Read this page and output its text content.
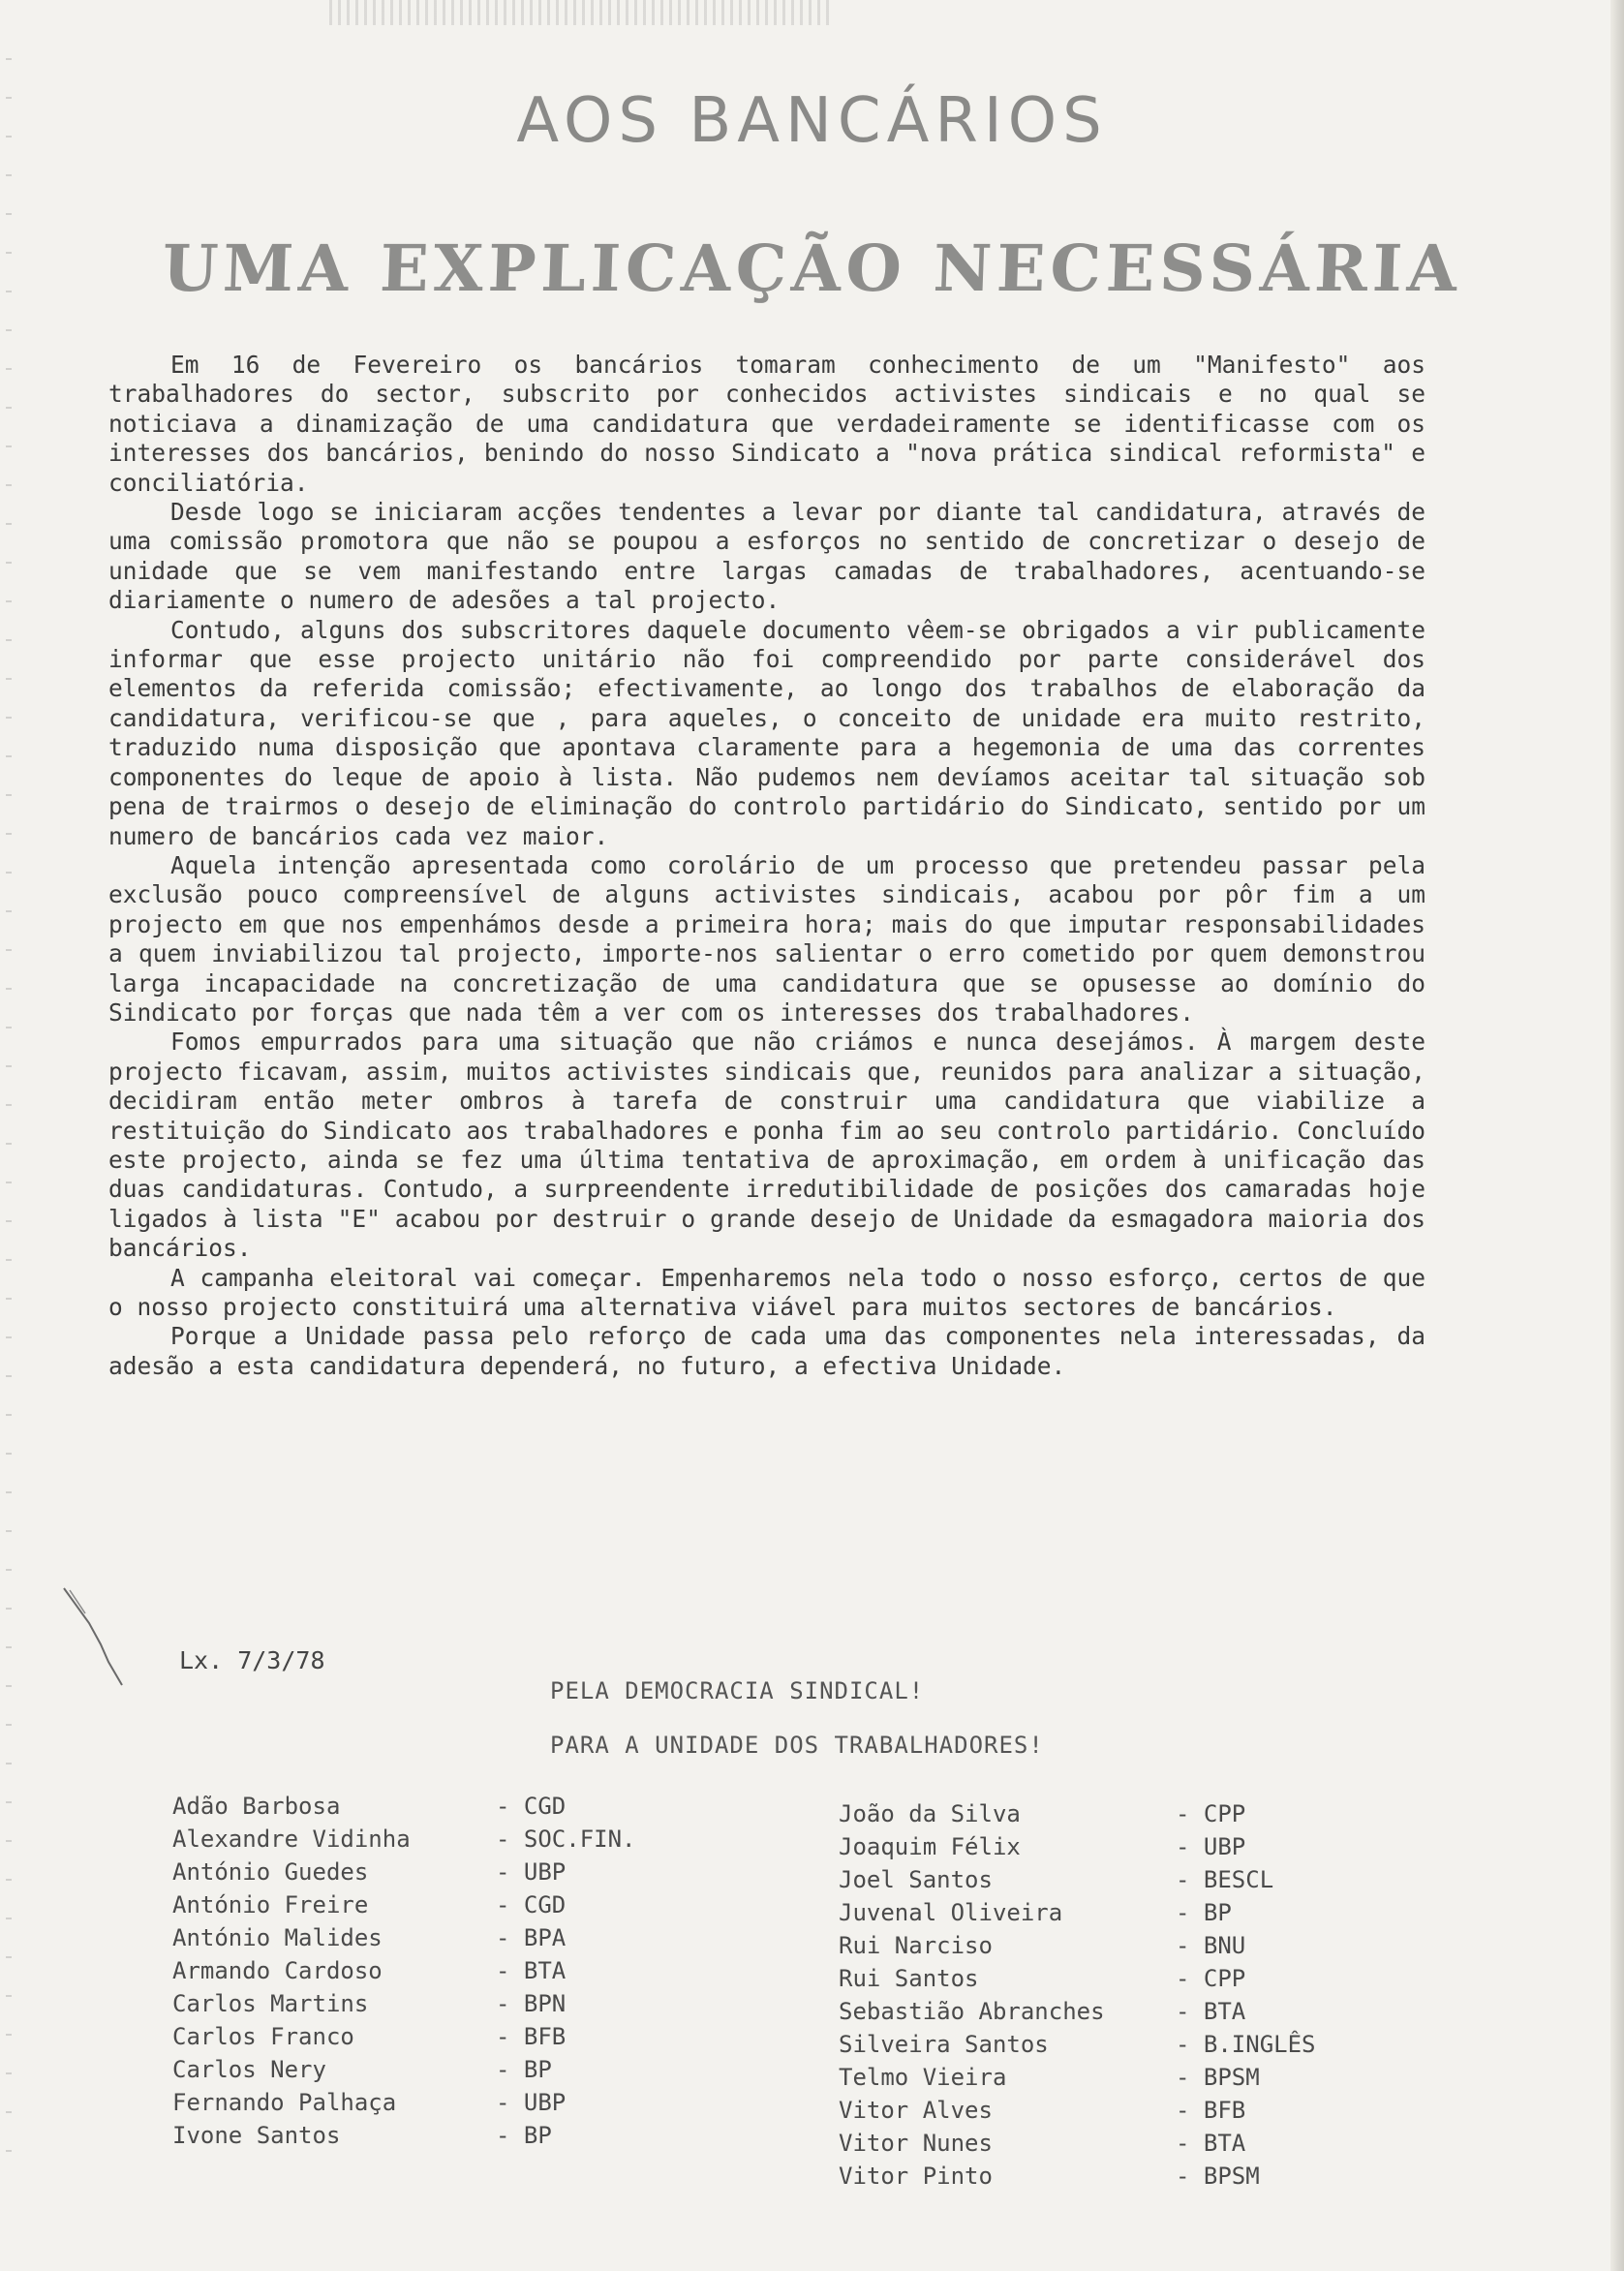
AOS BANCÁRIOS
UMA EXPLICAÇÃO NECESSÁRIA

Em 16 de Fevereiro os bancários tomaram conhecimento de um "Manifesto" aos trabalhadores do sector, subscrito por conhecidos activistes sindicais e no qual se noticiava a dinamização de uma candidatura que verdadeiramente se identificasse com os interesses dos bancários, benindo do nosso Sindicato a "nova prática sindical reformista" e conciliatória.

Desde logo se iniciaram acções tendentes a levar por diante tal candidatura, através de uma comissão promotora que não se poupou a esforços no sentido de concretizar o desejo de unidade que se vem manifestando entre largas camadas de trabalhadores, acentuando-se diariamente o numero de adesões a tal projecto.

Contudo, alguns dos subscritores daquele documento vêem-se obrigados a vir publicamente informar que esse projecto unitário não foi compreendido por parte considerável dos elementos da referida comissão; efectivamente, ao longo dos trabalhos de elaboração da candidatura, verificou-se que , para aqueles, o conceito de unidade era muito restrito, traduzido numa disposição que apontava claramente para a hegemonia de uma das correntes componentes do leque de apoio à lista. Não pudemos nem devíamos aceitar tal situação sob pena de trairmos o desejo de eliminação do controlo partidário do Sindicato, sentido por um numero de bancários cada vez maior.

Aquela intenção apresentada como corolário de um processo que pretendeu passar pela exclusão pouco compreensível de alguns activistes sindicais, acabou por pôr fim a um projecto em que nos empenhámos desde a primeira hora; mais do que imputar responsabilidades a quem inviabilizou tal projecto, importe-nos salientar o erro cometido por quem demonstrou larga incapacidade na concretização de uma candidatura que se opusesse ao domínio do Sindicato por forças que nada têm a ver com os interesses dos trabalhadores.

Fomos empurrados para uma situação que não criámos e nunca desejámos. À margem deste projecto ficavam, assim, muitos activistes sindicais que, reunidos para analizar a situação, decidiram então meter ombros à tarefa de construir uma candidatura que viabilize a restituição do Sindicato aos trabalhadores e ponha fim ao seu controlo partidário. Concluído este projecto, ainda se fez uma última tentativa de aproximação, em ordem à unificação das duas candidaturas. Contudo, a surpreendente irredutibilidade de posições dos camaradas hoje ligados à lista "E" acabou por destruir o grande desejo de Unidade da esmagadora maioria dos bancários.

A campanha eleitoral vai começar. Empenharemos nela todo o nosso esforço, certos de que o nosso projecto constituirá uma alternativa viável para muitos sectores de bancários.

Porque a Unidade passa pelo reforço de cada uma das componentes nela interessadas, da adesão a esta candidatura dependerá, no futuro, a efectiva Unidade.

Lx. 7/3/78
PELA DEMOCRACIA SINDICAL!
PARA A UNIDADE DOS TRABALHADORES!
Adão Barbosa	- CGD
Alexandre Vidinha	- SOC.FIN.
António Guedes	- UBP
António Freire	- CGD
António Malides	- BPA
Armando Cardoso	- BTA
Carlos Martins	- BPN
Carlos Franco	- BFB
Carlos Nery	- BP
Fernando Palhaça	- UBP
Ivone Santos	- BP
João da Silva	- CPP
Joaquim Félix	- UBP
Joel Santos	- BESCL
Juvenal Oliveira	- BP
Rui Narciso	- BNU
Rui Santos	- CPP
Sebastião Abranches	- BTA
Silveira Santos	- B.INGLÊS
Telmo Vieira	- BPSM
Vitor Alves	- BFB
Vitor Nunes	- BTA
Vitor Pinto	- BPSM
